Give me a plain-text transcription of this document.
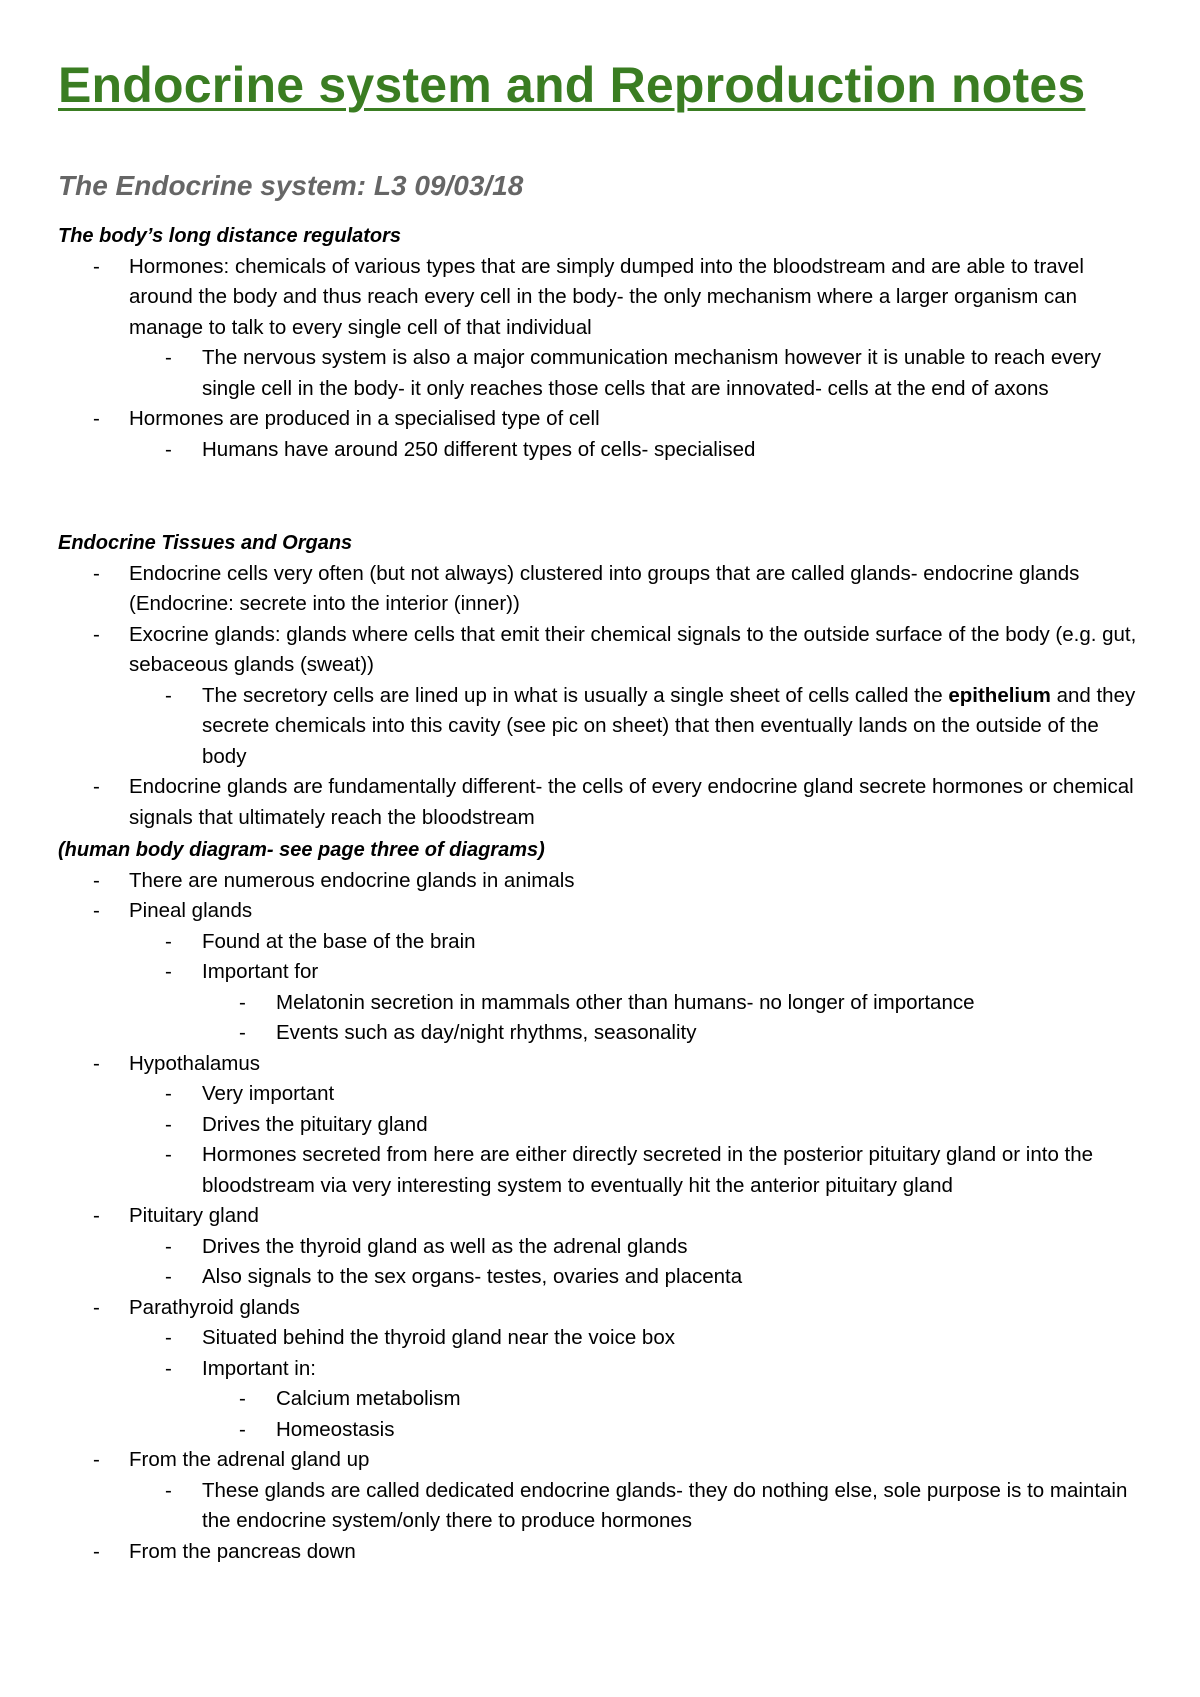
Endocrine system and Reproduction notes
The Endocrine system: L3 09/03/18
The body’s long distance regulators
- Hormones: chemicals of various types that are simply dumped into the bloodstream and are able to travel around the body and thus reach every cell in the body- the only mechanism where a larger organism can manage to talk to every single cell of that individual
- The nervous system is also a major communication mechanism however it is unable to reach every single cell in the body- it only reaches those cells that are innovated- cells at the end of axons
- Hormones are produced in a specialised type of cell
- Humans have around 250 different types of cells- specialised
Endocrine Tissues and Organs
- Endocrine cells very often (but not always) clustered into groups that are called glands- endocrine glands (Endocrine: secrete into the interior (inner))
- Exocrine glands: glands where cells that emit their chemical signals to the outside surface of the body (e.g. gut, sebaceous glands (sweat))
- The secretory cells are lined up in what is usually a single sheet of cells called the epithelium and they secrete chemicals into this cavity (see pic on sheet) that then eventually lands on the outside of the body
- Endocrine glands are fundamentally different- the cells of every endocrine gland secrete hormones or chemical signals that ultimately reach the bloodstream
(human body diagram- see page three of diagrams)
- There are numerous endocrine glands in animals
- Pineal glands
- Found at the base of the brain
- Important for
- Melatonin secretion in mammals other than humans- no longer of importance
- Events such as day/night rhythms, seasonality
- Hypothalamus
- Very important
- Drives the pituitary gland
- Hormones secreted from here are either directly secreted in the posterior pituitary gland or into the bloodstream via very interesting system to eventually hit the anterior pituitary gland
- Pituitary gland
- Drives the thyroid gland as well as the adrenal glands
- Also signals to the sex organs- testes, ovaries and placenta
- Parathyroid glands
- Situated behind the thyroid gland near the voice box
- Important in:
- Calcium metabolism
- Homeostasis
- From the adrenal gland up
- These glands are called dedicated endocrine glands- they do nothing else, sole purpose is to maintain the endocrine system/only there to produce hormones
- From the pancreas down
